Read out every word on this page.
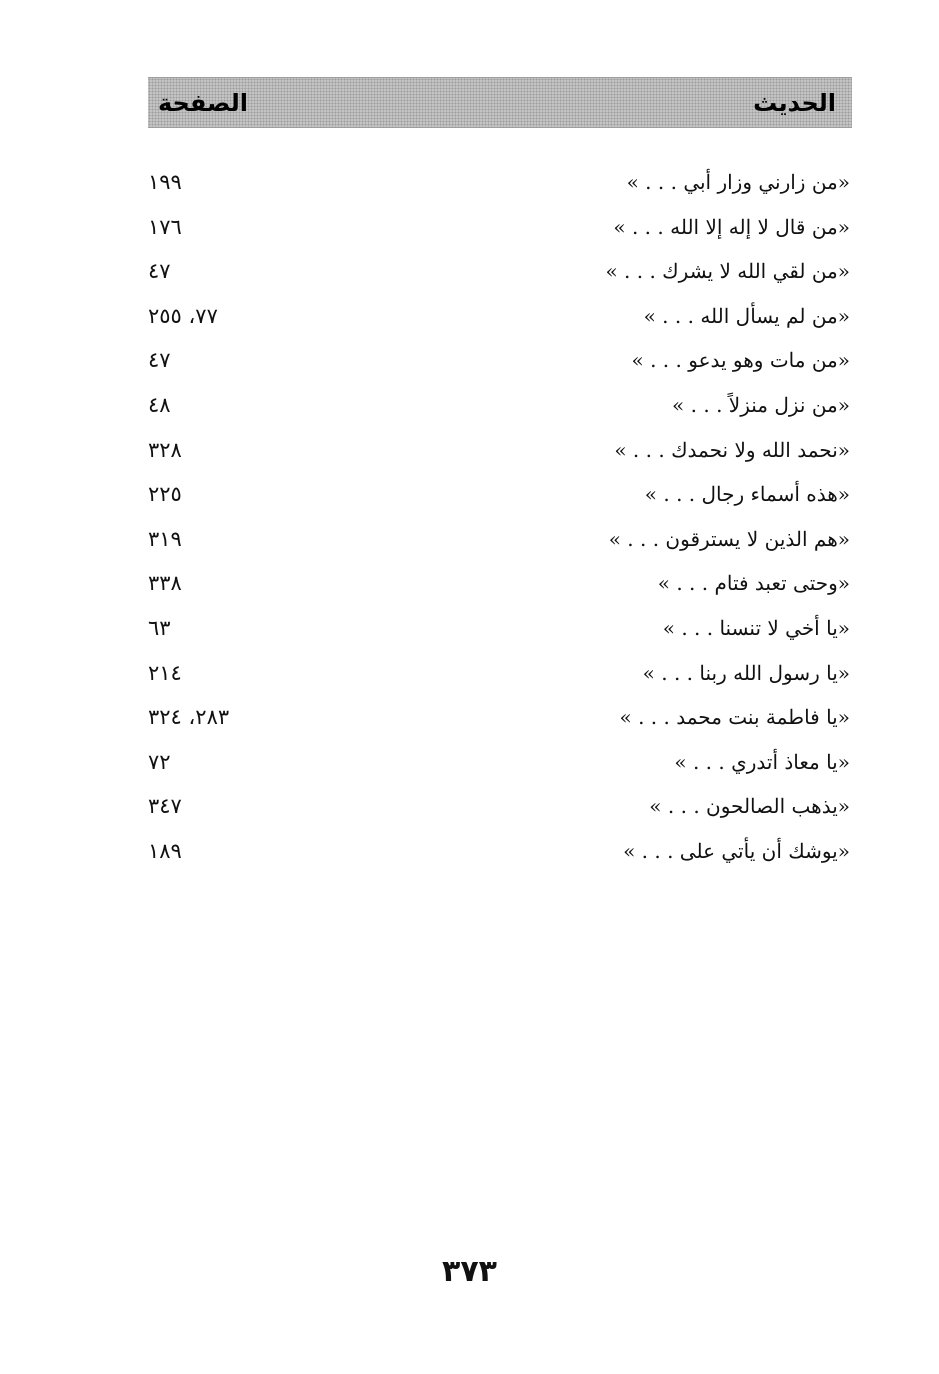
الحديث
الصفحة
«من زارني وزار أبي . . . »
١٩٩
«من قال لا إله إلا الله . . . »
١٧٦
«من لقي الله لا يشرك . . . »
٤٧
«من لم يسأل الله . . . »
٧٧، ٢٥٥
«من مات وهو يدعو . . . »
٤٧
«من نزل منزلاً . . . »
٤٨
«نحمد الله ولا نحمدك . . . »
٣٢٨
«هذه أسماء رجال . . . »
٢٢٥
«هم الذين لا يسترقون . . . »
٣١٩
«وحتى تعبد فتام . . . »
٣٣٨
«يا أخي لا تنسنا . . . »
٦٣
«يا رسول الله ربنا . . . »
٢١٤
«يا فاطمة بنت محمد . . . »
٢٨٣، ٣٢٤
«يا معاذ أتدري . . . »
٧٢
«يذهب الصالحون . . . »
٣٤٧
«يوشك أن يأتي على . . . »
١٨٩
٣٧٣
